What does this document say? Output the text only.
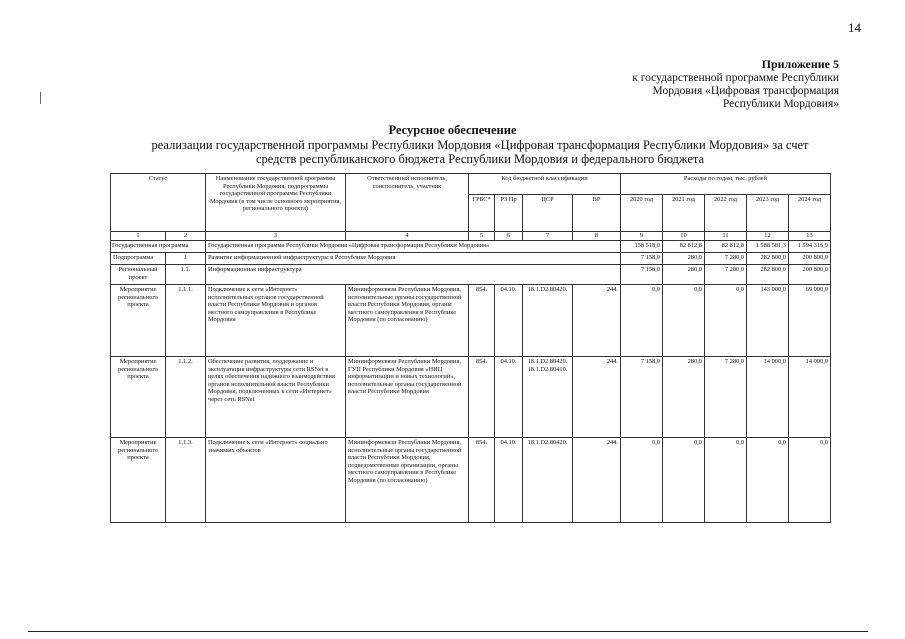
14
Приложение 5
к государственной программе Республики
Мордовия «Цифровая трансформация
Республики Мордовия»
Ресурсное обеспечение
реализации государственной программы Республики Мордовия «Цифровая трансформация Республики Мордовия» за счет средств республиканского бюджета Республики Мордовия и федерального бюджета
Статус		Наименование государственной программы Республики Мордовия, подпрограммы государственной программы Республики Мордовия (в том числе основного мероприятия, регионального проекта)	Ответственный исполнитель, соисполнитель, участник	Код бюджетной классификации				Расходы по годам, тыс. рублей				
				ГРБС*	РЗ Пр	ЦСР	ВР	2020 год	2021 год	2022 год	2023 год	2024 год
1	2	3	4	5	6	7	8	9	10	11	12	13
Государственная программа		Государственная программа Республики Мордовия «Цифровая трансформация Республики Мордовия»						158 518,0	82 812,8	82 812,8	1 588 581,3	1 594 316,9
Подпрограмма	1	Развитие информационной инфраструктуры в Республике Мордовия						7 158,0	280,0	7 280,0	282 800,0	200 800,0
Региональный проект	1.1.	Информационная инфраструктура						7 158,0	280,0	7 280,0	282 800,0	200 800,0
Мероприятие регионального проекта	1.1.1.	Подключение к сети «Интернет» исполнительных органов государственной власти Республики Мордовия и органов местного самоуправления в Республике Мордовия	Мининформсвязи Республики Мордовия, исполнительные органы государственной власти Республики Мордовия, органы местного самоуправления в Республике Мордовия (по согласованию)	854.	04.10.	18.1.D2.80420.	244.	0,0	0,0	0,0	143 000,0	69 000,0
Мероприятие регионального проекта	1.1.2.	Обеспечение развития, поддержание и эксплуатация инфраструктуры сети RSNet в целях обеспечения надежного взаимодействия органов исполнительной власти Республики Мордовия, подключенных к сети «Интернет» через сеть RSNet	Мининформсвязи Республики Мордовия, ГУП Республики Мордовия «НИЦ информатизации и новых технологий», исполнительные органы государственной власти Республики Мордовия	854.	04.10.	18.1.D2.80420. 18.1.D2.80410.	244.	7 158,0	280,0	7 280,0	14 000,0	14 000,0
Мероприятие регионального проекта	1.1.3.	Подключение к сети «Интернет» социально значимых объектов	Мининформсвязи Республики Мордовия, исполнительные органы государственной власти Республики Мордовия, подведомственные организации, органы местного самоуправления в Республике Мордовия (по согласованию)	854.	04.10.	18.1.D2.80420.	244.	0,0	0,0	0,0	0,0	0,0
